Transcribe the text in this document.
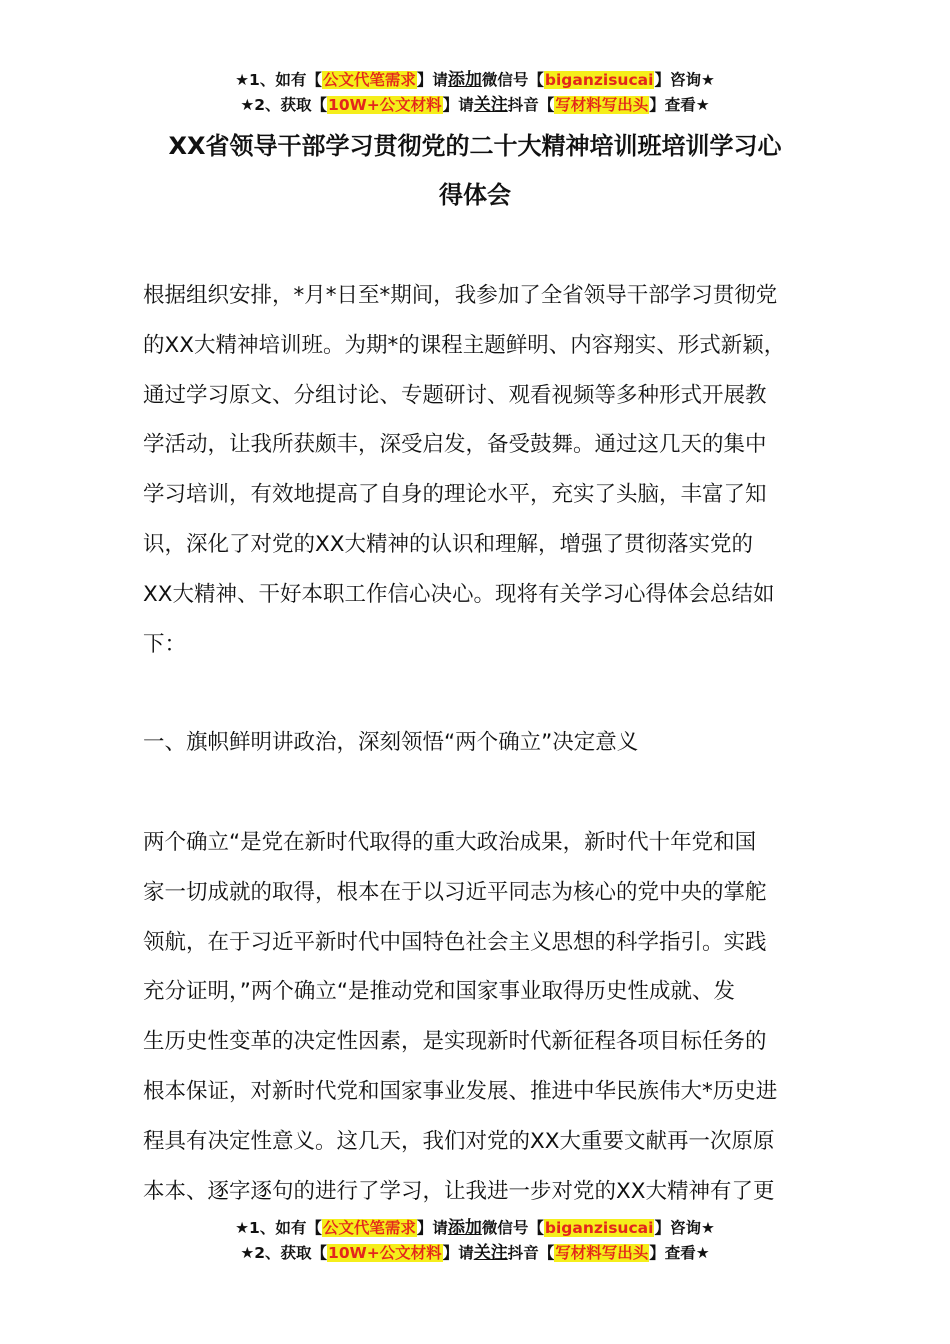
★1、如有【公文代笔需求】请添加微信号【biganzisucai】咨询★
★2、获取【10W+公文材料】请关注抖音【写材料写出头】查看★
XX省领导干部学习贯彻党的二十大精神培训班培训学习心
得体会
根据组织安排，*月*日至*期间，我参加了全省领导干部学习贯彻党
的XX大精神培训班。为期*的课程主题鲜明、内容翔实、形式新颖，
通过学习原文、分组讨论、专题研讨、观看视频等多种形式开展教
学活动，让我所获颇丰，深受启发，备受鼓舞。通过这几天的集中
学习培训，有效地提高了自身的理论水平，充实了头脑，丰富了知
识，深化了对党的XX大精神的认识和理解，增强了贯彻落实党的
XX大精神、干好本职工作信心决心。现将有关学习心得体会总结如
下：
一、旗帜鲜明讲政治，深刻领悟“两个确立”决定意义
两个确立“是党在新时代取得的重大政治成果，新时代十年党和国
家一切成就的取得，根本在于以习近平同志为核心的党中央的掌舵
领航，在于习近平新时代中国特色社会主义思想的科学指引。实践
充分证明，”两个确立“是推动党和国家事业取得历史性成就、发
生历史性变革的决定性因素，是实现新时代新征程各项目标任务的
根本保证，对新时代党和国家事业发展、推进中华民族伟大*历史进
程具有决定性意义。这几天，我们对党的XX大重要文献再一次原原
本本、逐字逐句的进行了学习，让我进一步对党的XX大精神有了更
★1、如有【公文代笔需求】请添加微信号【biganzisucai】咨询★
★2、获取【10W+公文材料】请关注抖音【写材料写出头】查看★
